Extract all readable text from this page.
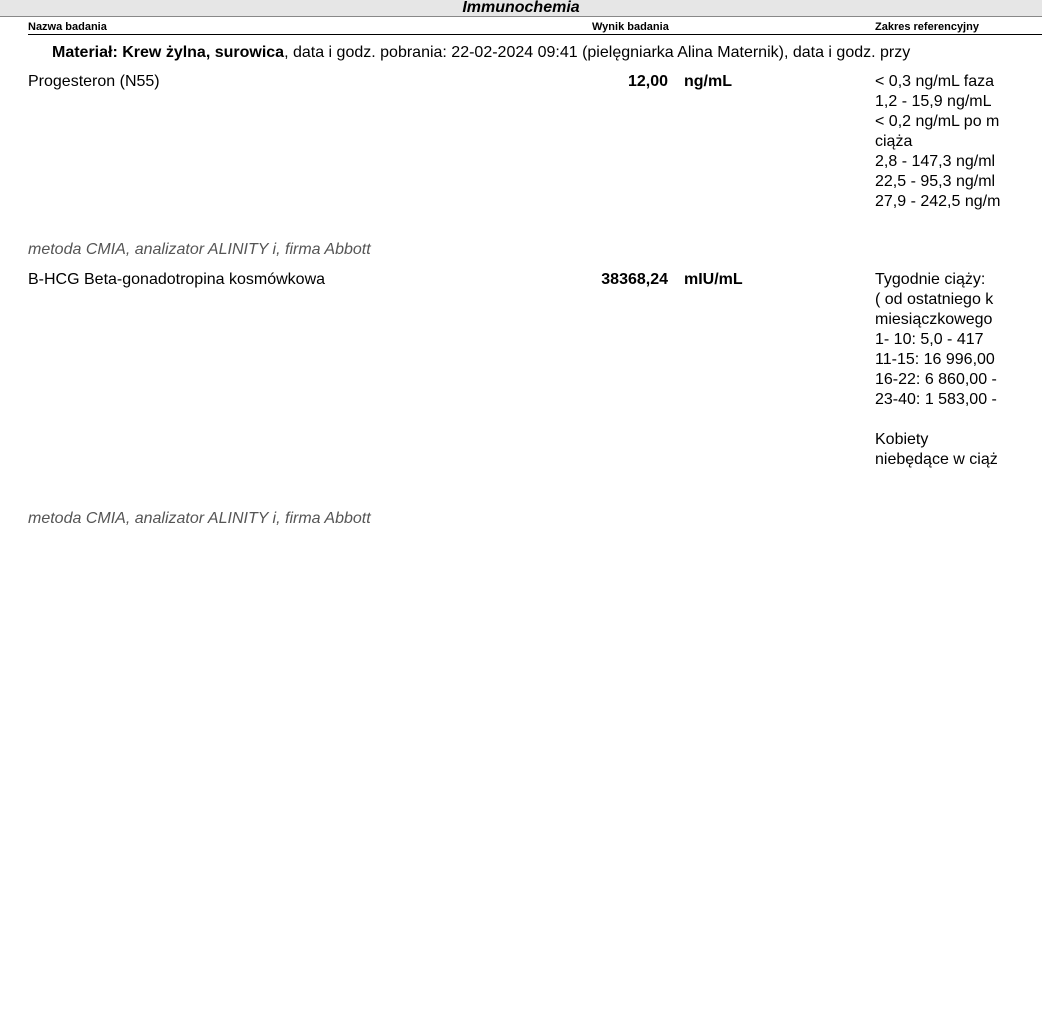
Immunochemia
Nazwa badania	Wynik badania	Zakres referencyjny
Materiał: Krew żylna, surowica, data i godz. pobrania: 22-02-2024 09:41 (pielęgniarka Alina Maternik), data i godz. przy
Progesteron (N55)	12,00 ng/mL	< 0,3 ng/mL faza
1,2 - 15,9 ng/mL
< 0,2 ng/mL po m
ciąża
2,8 - 147,3 ng/ml
22,5 - 95,3 ng/ml
27,9 - 242,5 ng/m
metoda CMIA, analizator ALINITY i, firma Abbott
B-HCG Beta-gonadotropina kosmówkowa	38368,24 mIU/mL	Tygodnie ciąży:
( od ostatniego k
miesiączkowego
1- 10: 5,0 - 417
11-15: 16 996,00
16-22: 6 860,00 -
23-40: 1 583,00 -
Kobiety
niebędące w ciąż
metoda CMIA, analizator ALINITY i, firma Abbott
